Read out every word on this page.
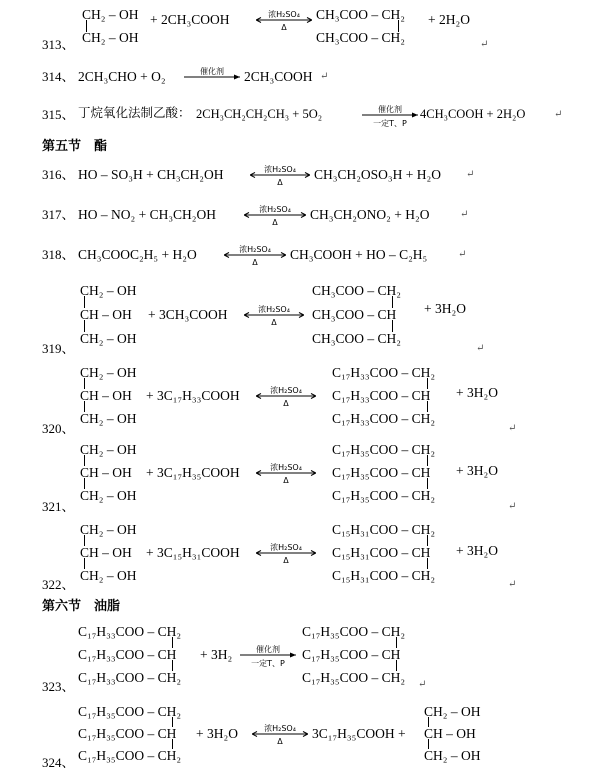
313、
CH₂ – OH
CH₂ – OH
+ 2CH₃COOH	浓H₂SO₄
Δ
CH₃COO – CH₂
CH₃COO – CH₂
+ 2H₂O
↵
314、 2CH₃CHO + O₂	催化剂	2CH₃COOH ↵
315、 丁烷氧化法制乙酸： 2CH₃CH₂CH₂CH₃ + 5O₂	催化剂
一定T、P
4CH₃COOH + 2H₂O	↵
第五节　酯
316、 HO – SO₃H + CH₃CH₂OH	浓H₂SO₄
Δ
CH₃CH₂OSO₃H + H₂O	↵
317、 HO – NO₂ + CH₃CH₂OH	浓H₂SO₄
Δ
CH₃CH₂ONO₂ + H₂O	↵
318、 CH₃COOC₂H₅ + H₂O	浓H₂SO₄
Δ
CH₃COOH + HO – C₂H₅	↵
CH₂ – OH
CH – OH
CH₂ – OH
+ 3CH₃COOH	浓H₂SO₄
Δ
CH₃COO – CH₂
CH₃COO – CH
CH₃COO – CH₂
+ 3H₂O
319、	↵
CH₂ – OH
CH – OH
CH₂ – OH
+ 3C₁₇H₃₃COOH	浓H₂SO₄
Δ
C₁₇H₃₃COO – CH₂
C₁₇H₃₃COO – CH
C₁₇H₃₃COO – CH₂
+ 3H₂O
320、	↵
CH₂ – OH
CH – OH
CH₂ – OH
+ 3C₁₇H₃₅COOH	浓H₂SO₄
Δ
C₁₇H₃₅COO – CH₂
C₁₇H₃₅COO – CH
C₁₇H₃₅COO – CH₂
+ 3H₂O
321、	↵
CH₂ – OH
CH – OH
CH₂ – OH
+ 3C₁₅H₃₁COOH	浓H₂SO₄
Δ
C₁₅H₃₁COO – CH₂
C₁₅H₃₁COO – CH
C₁₅H₃₁COO – CH₂
+ 3H₂O
322、	↵
第六节　油脂
C₁₇H₃₃COO – CH₂
C₁₇H₃₃COO – CH
C₁₇H₃₃COO – CH₂
+ 3H₂	催化剂
一定T、P
C₁₇H₃₅COO – CH₂
C₁₇H₃₅COO – CH
C₁₇H₃₅COO – CH₂
323、	↵
C₁₇H₃₅COO – CH₂
C₁₇H₃₅COO – CH
C₁₇H₃₅COO – CH₂
+ 3H₂O	浓H₂SO₄
Δ
3C₁₇H₃₅COOH +
CH₂ – OH
CH – OH
CH₂ – OH
324、
